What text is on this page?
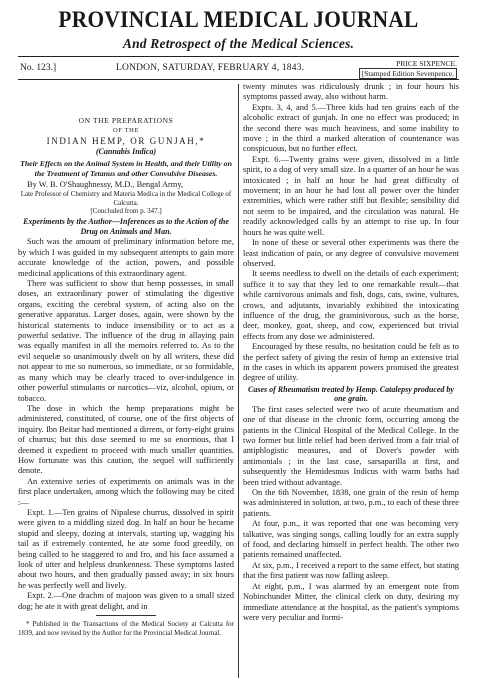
PROVINCIAL MEDICAL JOURNAL
And Retrospect of the Medical Sciences.
No. 123.]	LONDON, SATURDAY, FEBRUARY 4, 1843.	PRICE SIXPENCE.
[Stamped Edition Sevenpence.
ON THE PREPARATIONS
OF THE
INDIAN HEMP, OR GUNJAH,*
(Cannabis Indica)
Their Effects on the Animal System in Health, and their Utility on the Treatment of Tetanus and other Convulsive Diseases.
By W. B. O'Shaughnessy, M.D., Bengal Army,
Late Professor of Chemistry and Materia Medica in the Medical College of Calcutta.
[Concluded from p. 347.]
Experiments by the Author—Inferences as to the Action of the Drug on Animals and Man.

Such was the amount of preliminary information before me, by which I was guided in my subsequent attempts to gain more accurate knowledge of the action, powers, and possible medicinal applications of this extraordinary agent.

There was sufficient to show that hemp possesses, in small doses, an extraordinary power of stimulating the digestive organs, exciting the cerebral system, of acting also on the generative apparatus. Larger doses, again, were shown by the historical statements to induce insensibility or to act as a powerful sedative. The influence of the drug in allaying pain was equally manifest in all the memoirs referred to. As to the evil sequelæ so unanimously dwelt on by all writers, these did not appear to me so numerous, so immediate, or so formidable, as many which may be clearly traced to over-indulgence in other powerful stimulants or narcotics—viz, alcohol, opium, or tobacco.

The dose in which the hemp preparations might be administered, constituted, of course, one of the first objects of inquiry. Ibn Beitar had mentioned a dirrem, or forty-eight grains of churrus; but this dose seemed to me so enormous, that I deemed it expedient to proceed with much smaller quantities. How fortunate was this caution, the sequel will sufficiently denote.

An extensive series of experiments on animals was in the first place undertaken, among which the following may be cited :—

Expt. 1.—Ten grains of Nipalese churrus, dissolved in spirit were given to a middling sized dog. In half an hour he became stupid and sleepy, dozing at intervals, starting up, wagging his tail as if extremely contented, he ate some food greedily, on being called to he staggered to and fro, and his face assumed a look of utter and helpless drunkenness. These symptoms lasted about two hours, and then gradually passed away; in six hours he was perfectly well and lively.

Expt. 2.—One drachm of majoon was given to a small sized dog; he ate it with great delight, and in

* Published in the Transactions of the Medical Society at Calcutta for 1839, and now revised by the Author for the Provincial Medical Journal.

twenty minutes was ridiculously drunk ; in four hours his symptoms passed away, also without harm.

Expts. 3, 4, and 5.—Three kids had ten grains each of the alcoholic extract of gunjah. In one no effect was produced; in the second there was much heaviness, and some inability to move ; in the third a marked alteration of countenance was conspicuous, but no further effect.

Expt. 6.—Twenty grains were given, dissolved in a little spirit, to a dog of very small size. In a quarter of an hour he was intoxicated ; in half an hour he had great difficulty of movement; in an hour he had lost all power over the hinder extremities, which were rather stiff but flexible; sensibility did not seem to be impaired, and the circulation was natural. He readily acknowledged calls by an attempt to rise up. In four hours he was quite well.

In none of these or several other experiments was there the least indication of pain, or any degree of convulsive movement observed.

It seems needless to dwell on the details of each experiment; suffice it to say that they led to one remarkable result—that while carnivorous animals and fish, dogs, cats, swine, vultures, crows, and adjutants, invariably exhibited the intoxicating influence of the drug, the graminivorous, such as the horse, deer, monkey, goat, sheep, and cow, experienced but trivial effects from any dose we administered.

Encouraged by these results, no hesitation could be felt as to the perfect safety of giving the resin of hemp an extensive trial in the cases in which its apparent powers promised the greatest degree of utility.

Cases of Rheumatism treated by Hemp. Catalepsy produced by one grain.

The first cases selected were two of acute rheumatism and one of that disease in the chronic form, occurring among the patients in the Clinical Hospital of the Medical College. In the two former but little relief had been derived from a fair trial of antiphlogistic measures, and of Dover's powder with antimonials ; in the last case, sarsaparilla at first, and subsequently the Hemidesmus Indicus with warm baths had been tried without advantage.

On the 6th November, 1838, one grain of the resin of hemp was administered in solution, at two, p.m., to each of these three patients.

At four, p.m., it was reported that one was becoming very talkative, was singing songs, calling loudly for an extra supply of food, and declaring himself in perfect health. The other two patients remained unaffected.

At six, p.m., I received a report to the same effect, but stating that the first patient was now falling asleep.

At eight, p.m., I was alarmed by an emergent note from Nobinchunder Mitter, the clinical clerk on duty, desiring my immediate attendance at the hospital, as the patient's symptoms were very peculiar and formi-
